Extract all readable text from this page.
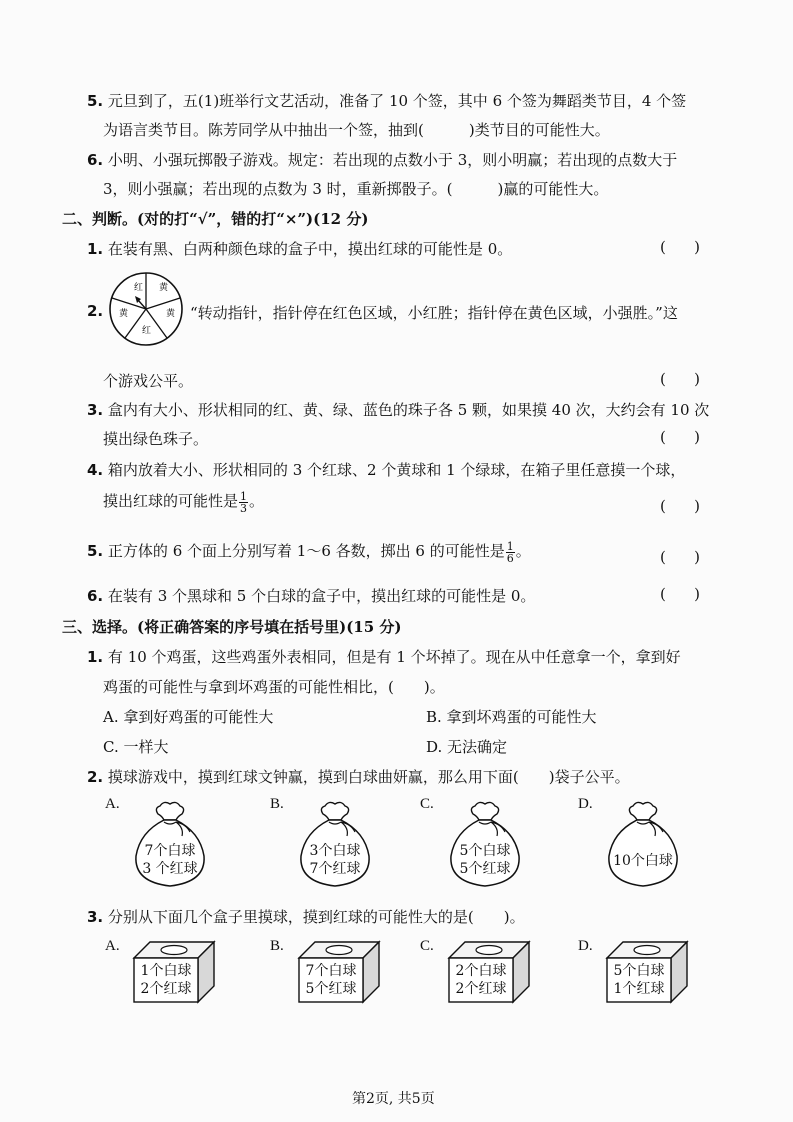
5. 元旦到了，五(1)班举行文艺活动，准备了 10 个签，其中 6 个签为舞蹈类节目，4 个签
为语言类节目。陈芳同学从中抽出一个签，抽到(　　　)类节目的可能性大。
6. 小明、小强玩掷骰子游戏。规定：若出现的点数小于 3，则小明赢；若出现的点数大于
3，则小强赢；若出现的点数为 3 时，重新掷骰子。(　　　)赢的可能性大。
二、判断。(对的打“√”，错的打“×”)(12 分)
1. 在装有黑、白两种颜色球的盒子中，摸出红球的可能性是 0。	( )
2.
红 黄
黄
红
黄	“转动指针，指针停在红色区域，小红胜；指针停在黄色区域，小强胜。”这
个游戏公平。	( )
3. 盒内有大小、形状相同的红、黄、绿、蓝色的珠子各 5 颗，如果摸 40 次，大约会有 10 次
摸出绿色珠子。	( )
4. 箱内放着大小、形状相同的 3 个红球、2 个黄球和 1 个绿球，在箱子里任意摸一个球，
摸出红球的可能性是 $\frac{1}{3}$ 。	( )
5. 正方体的 6 个面上分别写着 1～6 各数，掷出 6 的可能性是 $\frac{1}{6}$ 。	( )
6. 在装有 3 个黑球和 5 个白球的盒子中，摸出红球的可能性是 0。	( )
三、选择。(将正确答案的序号填在括号里)(15 分)
1. 有 10 个鸡蛋，这些鸡蛋外表相同，但是有 1 个坏掉了。现在从中任意拿一个，拿到好
鸡蛋的可能性与拿到坏鸡蛋的可能性相比，(　　)。
A. 拿到好鸡蛋的可能性大	B. 拿到坏鸡蛋的可能性大
C. 一样大	D. 无法确定
2. 摸球游戏中，摸到红球文钟赢，摸到白球曲妍赢，那么用下面(　　)袋子公平。
A.
7个白球
3 个红球
B.
3个白球
7个红球
C.
5个白球
5个红球
D.
10个白球
3. 分别从下面几个盒子里摸球，摸到红球的可能性大的是(　　)。
A.
1个白球
2个红球
B.
7个白球
5个红球
C.
2个白球
2个红球
D.
5个白球
1个红球
第2页, 共5页
